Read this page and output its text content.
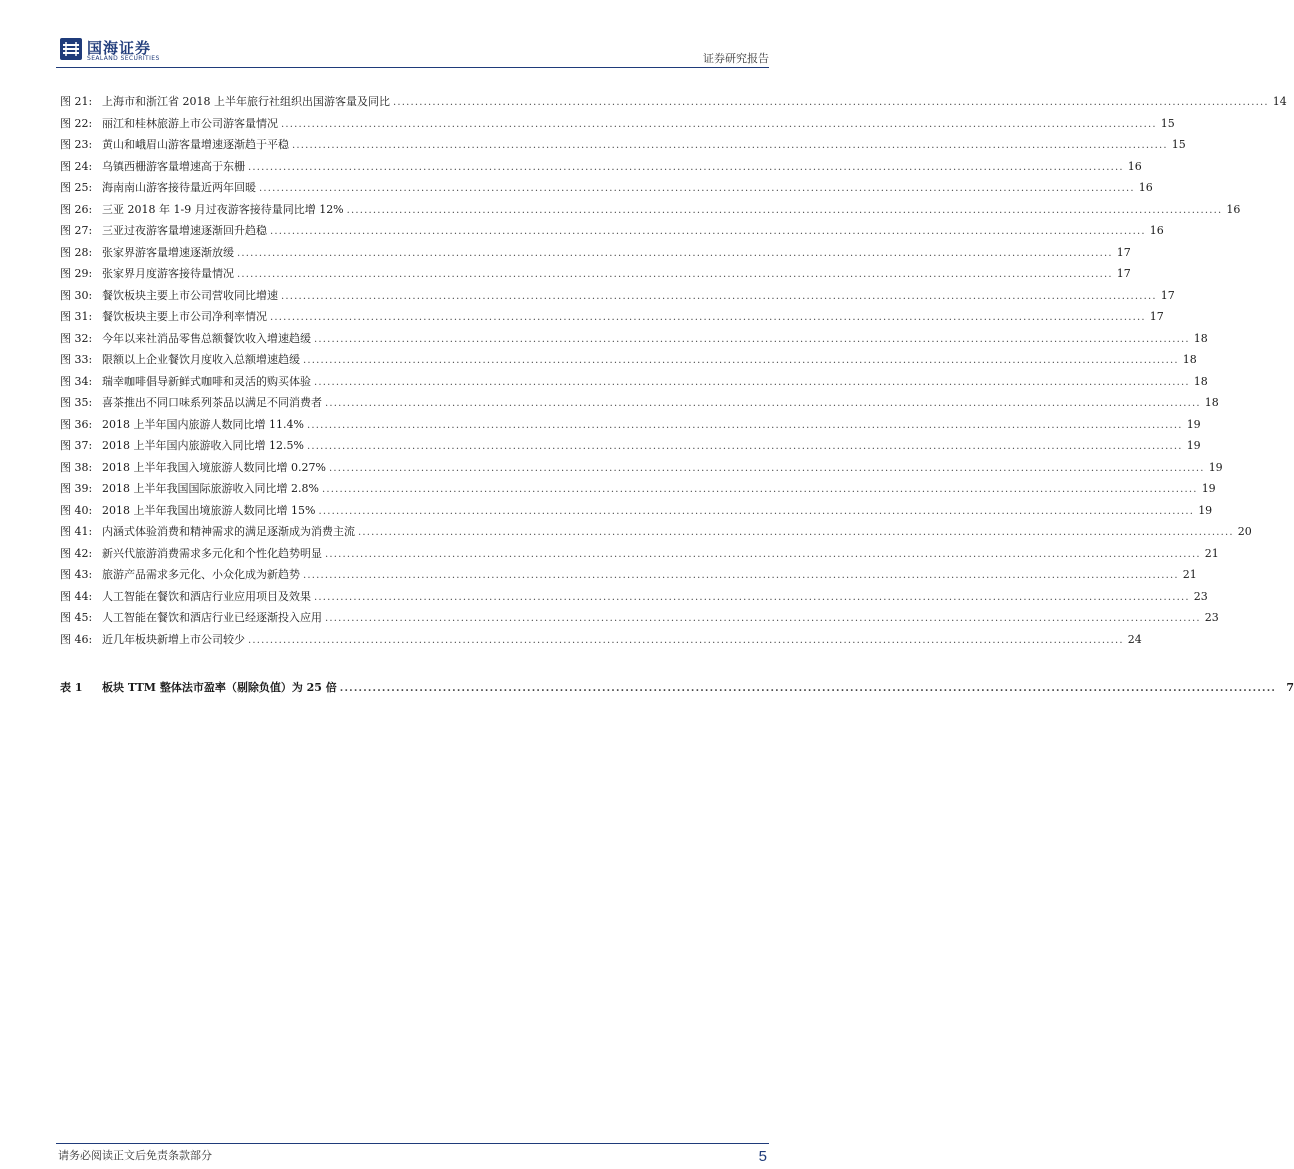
国海证券
SEALAND SECURITIES	证券研究报告
图 21: 上海市和浙江省 2018 上半年旅行社组织出国游客量及同比 ........................................................................................................................................................................................................ 14
图 22: 丽江和桂林旅游上市公司游客量情况 ........................................................................................................................................................................................................ 15
图 23: 黄山和峨眉山游客量增速逐渐趋于平稳 ........................................................................................................................................................................................................ 15
图 24: 乌镇西栅游客量增速高于东栅 ........................................................................................................................................................................................................ 16
图 25: 海南南山游客接待量近两年回暖 ........................................................................................................................................................................................................ 16
图 26: 三亚 2018 年 1-9 月过夜游客接待量同比增 12% ........................................................................................................................................................................................................ 16
图 27: 三亚过夜游客量增速逐渐回升趋稳 ........................................................................................................................................................................................................ 16
图 28: 张家界游客量增速逐渐放缓 ........................................................................................................................................................................................................ 17
图 29: 张家界月度游客接待量情况 ........................................................................................................................................................................................................ 17
图 30: 餐饮板块主要上市公司营收同比增速 ........................................................................................................................................................................................................ 17
图 31: 餐饮板块主要上市公司净利率情况 ........................................................................................................................................................................................................ 17
图 32: 今年以来社消品零售总额餐饮收入增速趋缓 ........................................................................................................................................................................................................ 18
图 33: 限额以上企业餐饮月度收入总额增速趋缓 ........................................................................................................................................................................................................ 18
图 34: 瑞幸咖啡倡导新鲜式咖啡和灵活的购买体验 ........................................................................................................................................................................................................ 18
图 35: 喜茶推出不同口味系列茶品以满足不同消费者 ........................................................................................................................................................................................................ 18
图 36: 2018 上半年国内旅游人数同比增 11.4% ........................................................................................................................................................................................................ 19
图 37: 2018 上半年国内旅游收入同比增 12.5% ........................................................................................................................................................................................................ 19
图 38: 2018 上半年我国入境旅游人数同比增 0.27% ........................................................................................................................................................................................................ 19
图 39: 2018 上半年我国国际旅游收入同比增 2.8% ........................................................................................................................................................................................................ 19
图 40: 2018 上半年我国出境旅游人数同比增 15% ........................................................................................................................................................................................................ 19
图 41: 内涵式体验消费和精神需求的满足逐渐成为消费主流 ........................................................................................................................................................................................................ 20
图 42: 新兴代旅游消费需求多元化和个性化趋势明显 ........................................................................................................................................................................................................ 21
图 43: 旅游产品需求多元化、小众化成为新趋势 ........................................................................................................................................................................................................ 21
图 44: 人工智能在餐饮和酒店行业应用项目及效果 ........................................................................................................................................................................................................ 23
图 45: 人工智能在餐饮和酒店行业已经逐渐投入应用 ........................................................................................................................................................................................................ 23
图 46: 近几年板块新增上市公司较少 ........................................................................................................................................................................................................ 24
表 1	板块 TTM 整体法市盈率（剔除负值）为 25 倍 ........................................................................................................................................................................................................ 7
请务必阅读正文后免责条款部分	5
